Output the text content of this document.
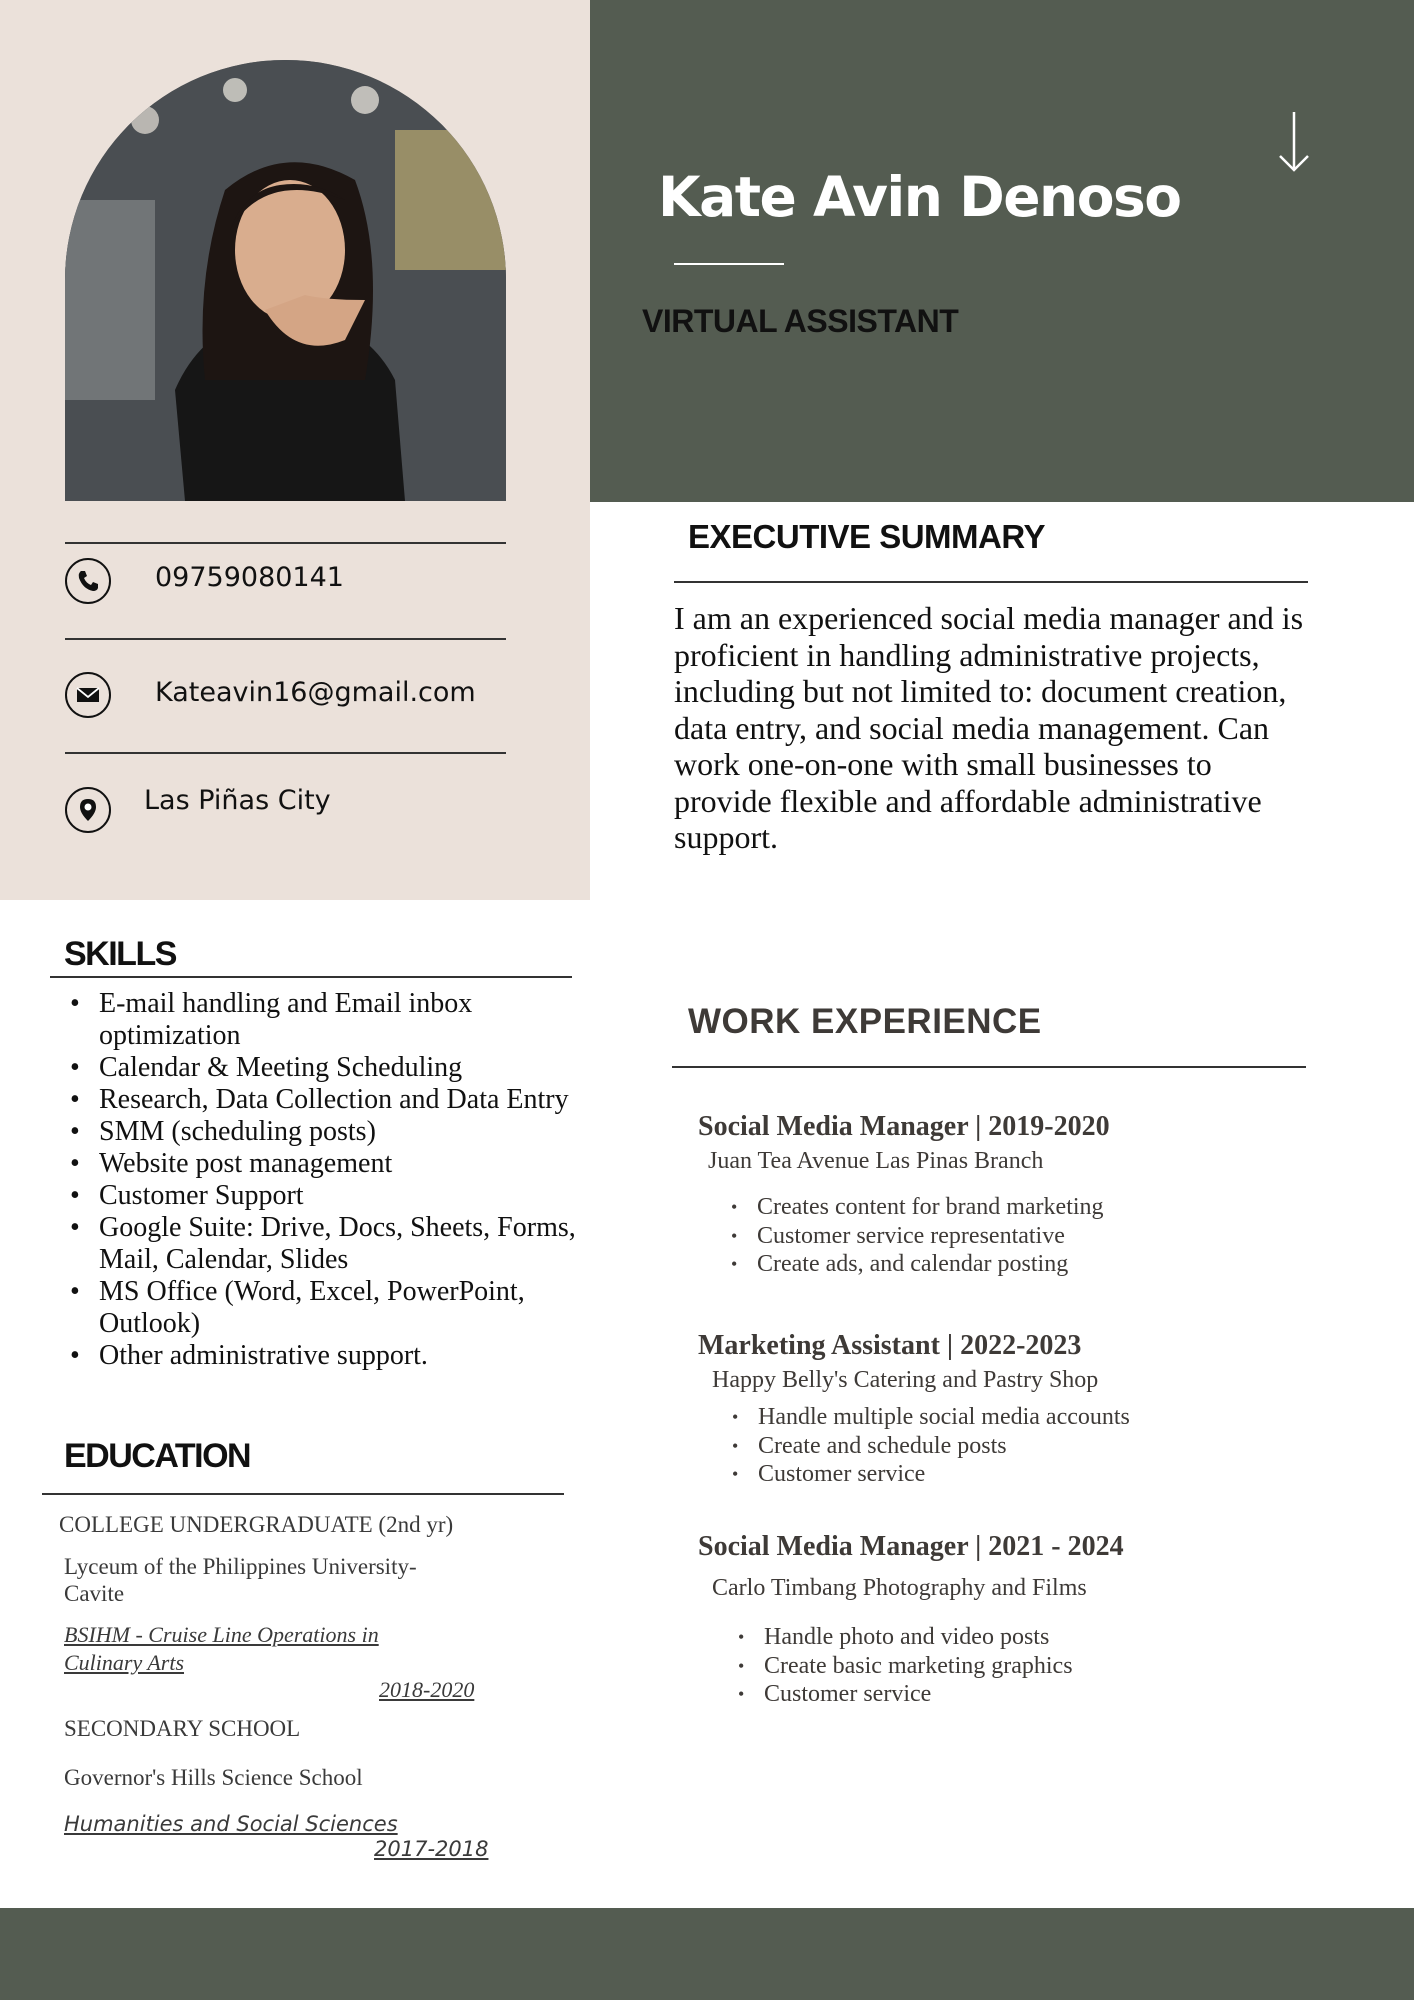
Kate Avin Denoso
VIRTUAL ASSISTANT
09759080141
Kateavin16@gmail.com
Las Piñas City
EXECUTIVE SUMMARY
I am an experienced social media manager and is proficient in handling administrative projects, including but not limited to: document creation, data entry, and social media management. Can work one-on-one with small businesses to provide flexible and affordable administrative support.
SKILLS
• E-mail handling and Email inbox optimization
• Calendar & Meeting Scheduling
• Research, Data Collection and Data Entry
• SMM (scheduling posts)
• Website post management
• Customer Support
• Google Suite: Drive, Docs, Sheets, Forms, Mail, Calendar, Slides
• MS Office (Word, Excel, PowerPoint, Outlook)
• Other administrative support.
EDUCATION
COLLEGE UNDERGRADUATE (2nd yr)
Lyceum of the Philippines University-
Cavite
BSIHM - Cruise Line Operations in
Culinary Arts
2018-2020
SECONDARY SCHOOL
Governor's Hills Science School
Humanities and Social Sciences
2017-2018
WORK EXPERIENCE
Social Media Manager | 2019-2020
Juan Tea Avenue Las Pinas Branch
• Creates content for brand marketing
• Customer service representative
• Create ads, and calendar posting
Marketing Assistant | 2022-2023
Happy Belly's Catering and Pastry Shop
• Handle multiple social media accounts
• Create and schedule posts
• Customer service
Social Media Manager | 2021 - 2024
Carlo Timbang Photography and Films
• Handle photo and video posts
• Create basic marketing graphics
• Customer service
